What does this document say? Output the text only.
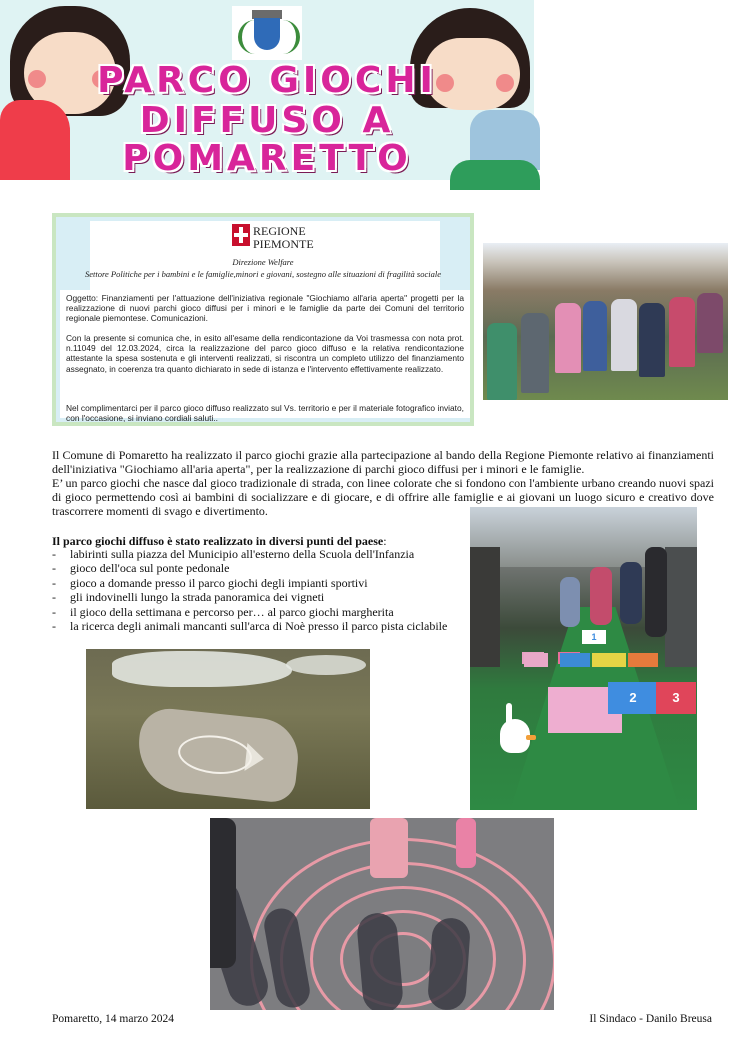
PARCO GIOCHI
DIFFUSO A
POMARETTO
REGIONE
PIEMONTE
Direzione Welfare
Settore Politiche per i bambini e le famiglie,minori e giovani, sostegno alle situazioni di fragilità sociale

Oggetto: Finanziamenti per l'attuazione dell'iniziativa regionale "Giochiamo all'aria aperta" progetti per la realizzazione di nuovi parchi gioco diffusi per i minori e le famiglie da parte dei Comuni del territorio regionale piemontese. Comunicazioni.

Con la presente si comunica che, in esito all'esame della rendicontazione da Voi trasmessa con nota prot. n.11049 del 12.03.2024, circa la realizzazione del parco gioco diffuso e la relativa rendicontazione attestante la spesa sostenuta e gli interventi realizzati, si riscontra un completo utilizzo del finanziamento assegnato, in coerenza tra quanto dichiarato in sede di istanza e l'intervento effettivamente realizzato.

Nel complimentarci per il parco gioco diffuso realizzato sul Vs. territorio e per il materiale fotografico inviato, con l'occasione, si inviano cordiali saluti..

Il Comune di Pomaretto ha realizzato il parco giochi grazie alla partecipazione al bando della Regione Piemonte relativo ai finanziamenti dell'iniziativa "Giochiamo all'aria aperta", per la realizzazione di parchi gioco diffusi per i minori e le famiglie.

E’ un parco giochi che nasce dal gioco tradizionale di strada, con linee colorate che si fondono con l'ambiente urbano creando nuovi spazi di gioco permettendo così ai bambini di socializzare e di giocare, e di offrire alle famiglie e ai giovani un luogo sicuro e creativo dove trascorrere momenti di svago e divertimento.

Il parco giochi diffuso è stato realizzato in diversi punti del paese:
- labirinti sulla piazza del Municipio all'esterno della Scuola dell'Infanzia
- gioco dell'oca sul ponte pedonale
- gioco a domande presso il parco giochi degli impianti sportivi
- gli indovinelli lungo la strada panoramica dei vigneti
- il gioco della settimana e percorso per… al parco giochi margherita
- la ricerca degli animali mancanti sull'arca di Noè presso il parco pista ciclabile
2	3
1
Pomaretto, 14 marzo 2024	Il Sindaco - Danilo Breusa
